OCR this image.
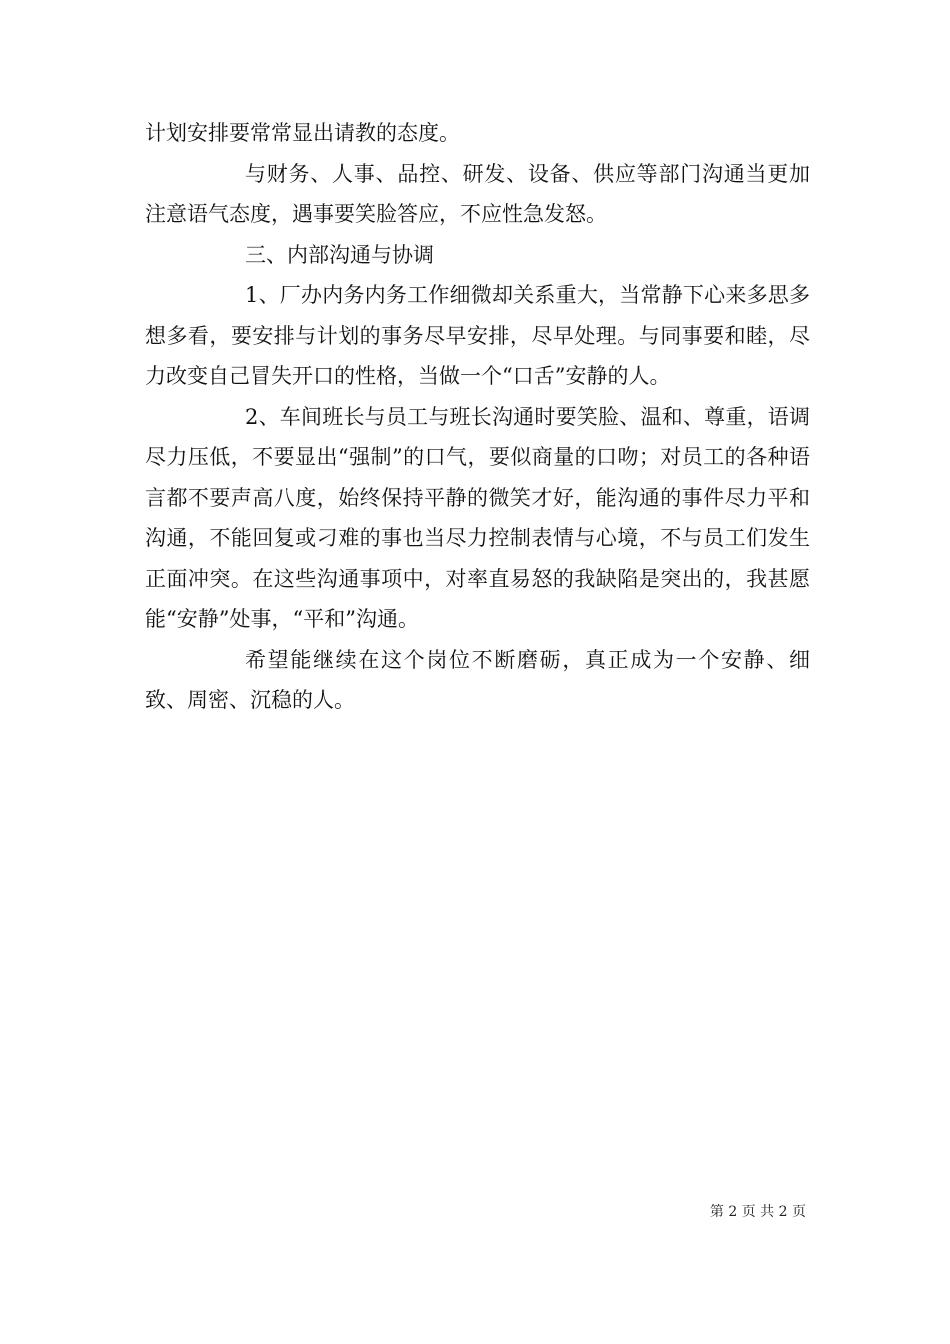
计划安排要常常显出请教的态度。

与财务、人事、品控、研发、设备、供应等部门沟通当更加注意语气态度，遇事要笑脸答应，不应性急发怒。

三、内部沟通与协调

1、厂办内务内务工作细微却关系重大，当常静下心来多思多想多看，要安排与计划的事务尽早安排，尽早处理。与同事要和睦，尽力改变自己冒失开口的性格，当做一个“口舌”安静的人。

2、车间班长与员工与班长沟通时要笑脸、温和、尊重，语调尽力压低，不要显出“强制”的口气，要似商量的口吻；对员工的各种语言都不要声高八度，始终保持平静的微笑才好，能沟通的事件尽力平和沟通，不能回复或刁难的事也当尽力控制表情与心境，不与员工们发生正面冲突。在这些沟通事项中，对率直易怒的我缺陷是突出的，我甚愿能“安静”处事，“平和”沟通。

希望能继续在这个岗位不断磨砺，真正成为一个安静、细致、周密、沉稳的人。

第 2 页 共 2 页
